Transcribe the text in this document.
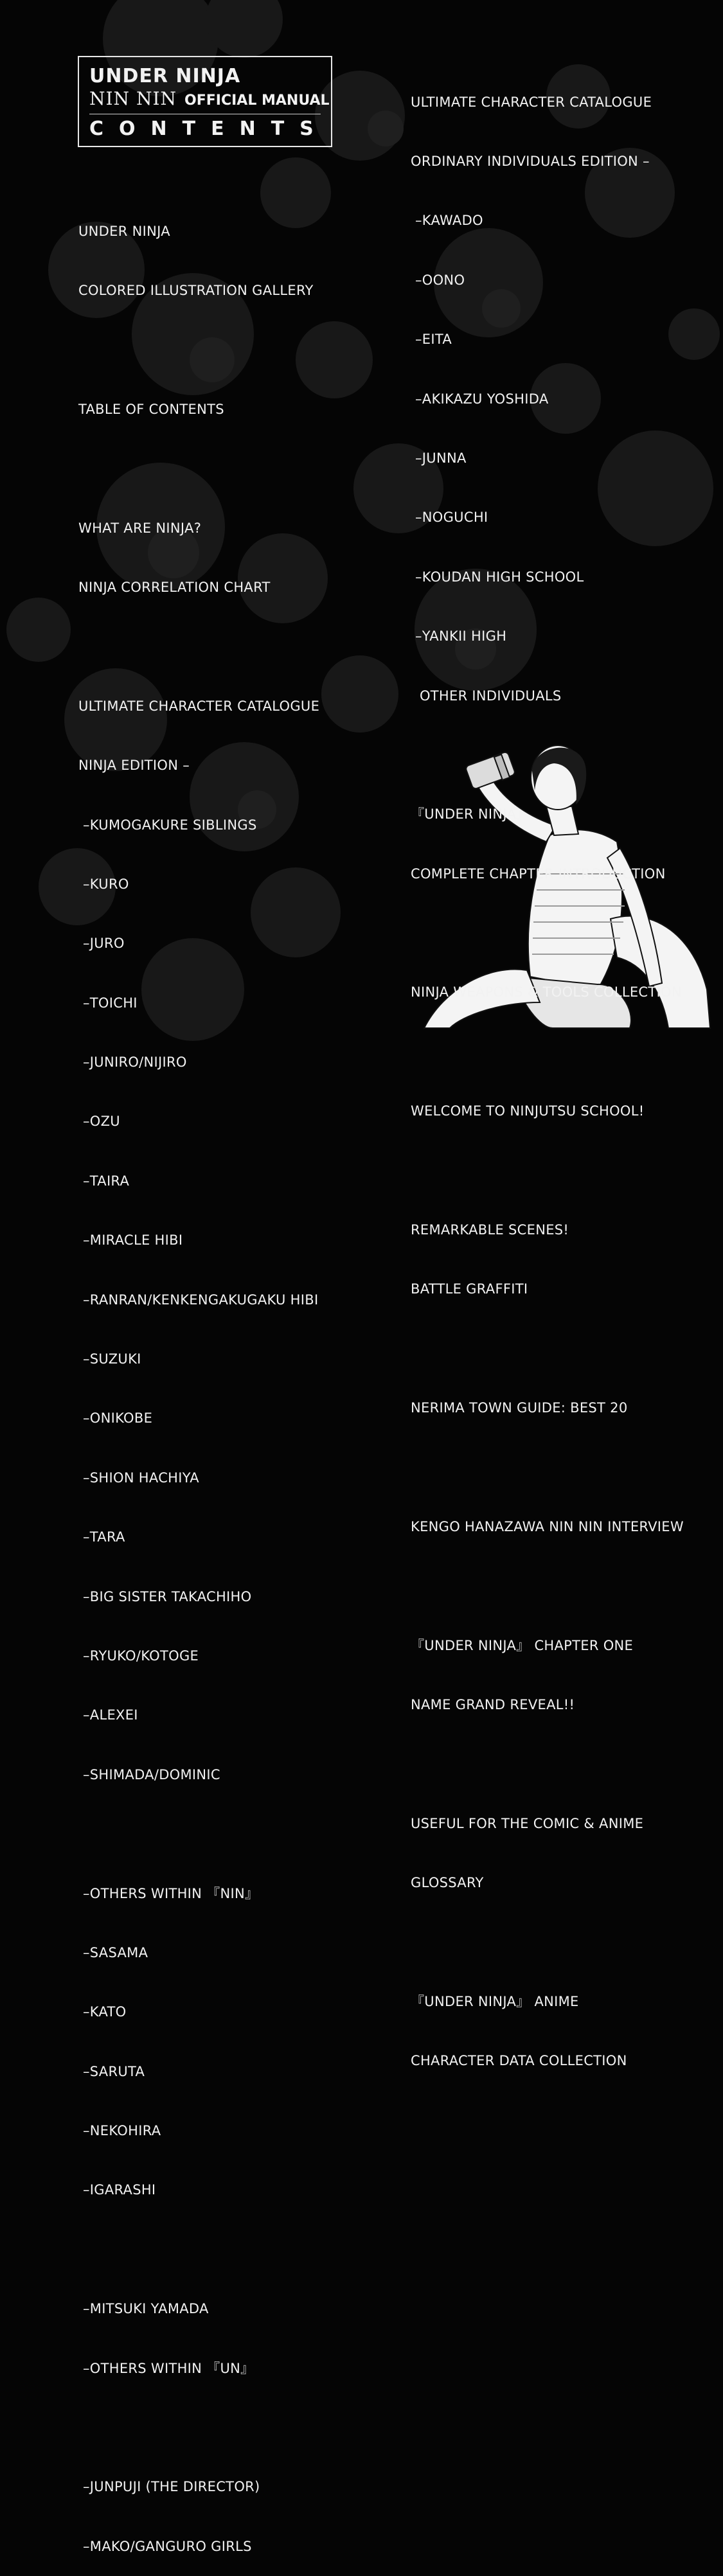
UNDER NINJA
NIN NIN OFFICIAL MANUAL
CONTENTS

UNDER NINJA

COLORED ILLUSTRATION GALLERY

TABLE OF CONTENTS

WHAT ARE NINJA?

NINJA CORRELATION CHART

ULTIMATE CHARACTER CATALOGUE

NINJA EDITION –

–KUMOGAKURE SIBLINGS

–KURO

–JURO

–TOICHI

–JUNIRO/NIJIRO

–OZU

–TAIRA

–MIRACLE HIBI

–RANRAN/KENKENGAKUGAKU HIBI

–SUZUKI

–ONIKOBE

–SHION HACHIYA

–TARA

–BIG SISTER TAKACHIHO

–RYUKO/KOTOGE

–ALEXEI

–SHIMADA/DOMINIC

–OTHERS WITHIN 『NIN』

–SASAMA

–KATO

–SARUTA

–NEKOHIRA

–IGARASHI

–MITSUKI YAMADA

–OTHERS WITHIN 『UN』

–JUNPUJI (THE DIRECTOR)

–MAKO/GANGURO GIRLS

ULTIMATE CHARACTER CATALOGUE

ORDINARY INDIVIDUALS EDITION –

–KAWADO

–OONO

–EITA

–AKIKAZU YOSHIDA

–JUNNA

–NOGUCHI

–KOUDAN HIGH SCHOOL

–YANKII HIGH

OTHER INDIVIDUALS

『UNDER NINJA』

COMPLETE CHAPTER INTRODUCTION

NINJA WEAPONS & TOOLS COLLECTION

WELCOME TO NINJUTSU SCHOOL!

REMARKABLE SCENES!

BATTLE GRAFFITI

NERIMA TOWN GUIDE: BEST 20

KENGO HANAZAWA NIN NIN INTERVIEW

『UNDER NINJA』 CHAPTER ONE

NAME GRAND REVEAL!!

USEFUL FOR THE COMIC & ANIME

GLOSSARY

『UNDER NINJA』 ANIME

CHARACTER DATA COLLECTION
